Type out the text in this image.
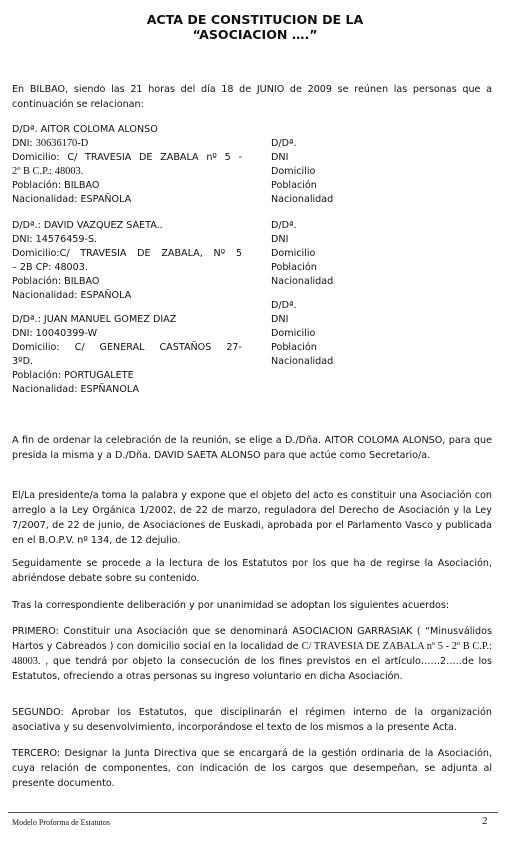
ACTA DE CONSTITUCION DE LA
“ASOCIACION ….”

En BILBAO, siendo las 21 horas del día 18 de JUNIO de 2009 se reúnen las personas que a continuación se relacionan:

D/Dª. AITOR COLOMA ALONSO
DNI: 30636170-D
Domicilio: C/ TRAVESIA DE ZABALA nº 5 -
2º B C.P.: 48003.
Población: BILBAO
Nacionalidad: ESPAÑOLA
D/Dª.
DNI
Domicilio
Población
Nacionalidad
D/Dª.: DAVID VAZQUEZ SAETA..
DNI: 14576459-S.
Domicilio:C/ TRAVESIA DE ZABALA, Nº 5
– 2B CP: 48003.
Población: BILBAO
Nacionalidad: ESPAÑOLA
D/Dª.
DNI
Domicilio
Población
Nacionalidad
D/Dª.: JUAN MANUEL GOMEZ DIAZ
DNI: 10040399-W
Domicilio: C/ GENERAL CASTAÑOS 27-
3ºD.
Población: PORTUGALETE
Nacionalidad: ESPÑANOLA
D/Dª.
DNI
Domicilio
Población
Nacionalidad

A fin de ordenar la celebración de la reunión, se elige a D./Dña. AITOR COLOMA ALONSO, para que presida la misma y a D./Dña. DAVID SAETA ALONSO para que actúe como Secretario/a.

El/La presidente/a toma la palabra y expone que el objeto del acto es constituir una Asociación con arreglo a la Ley Orgánica 1/2002, de 22 de marzo, reguladora del Derecho de Asociación y la Ley 7/2007, de 22 de junio, de Asociaciones de Euskadi, aprobada por el Parlamento Vasco y publicada en el B.O.P.V. nº 134, de 12 dejulio.

Seguidamente se procede a la lectura de los Estatutos por los que ha de regirse la Asociación, abriéndose debate sobre su contenido.

Tras la correspondiente deliberación y por unanimidad se adoptan los siguientes acuerdos:

PRIMERO: Constituir una Asociación que se denominará ASOCIACION GARRASIAK ( “Minusválidos Hartos y Cabreados ) con domicilio social en la localidad de C/ TRAVESIA DE ZABALA nº 5 - 2º B C.P.: 48003. , que tendrá por objeto la consecución de los fines previstos en el artículo……2…..de los Estatutos, ofreciendo a otras personas su ingreso voluntario en dicha Asociación.

SEGUNDO: Aprobar los Estatutos, que disciplinarán el régimen interno de la organización asociativa y su desenvolvimiento, incorporándose el texto de los mismos a la presente Acta.

TERCERO: Designar la Junta Directiva que se encargará de la gestión ordinaria de la Asociación, cuya relación de componentes, con indicación de los cargos que desempeñan, se adjunta al presente documento.

Modelo Proforma de Estatutos	2
